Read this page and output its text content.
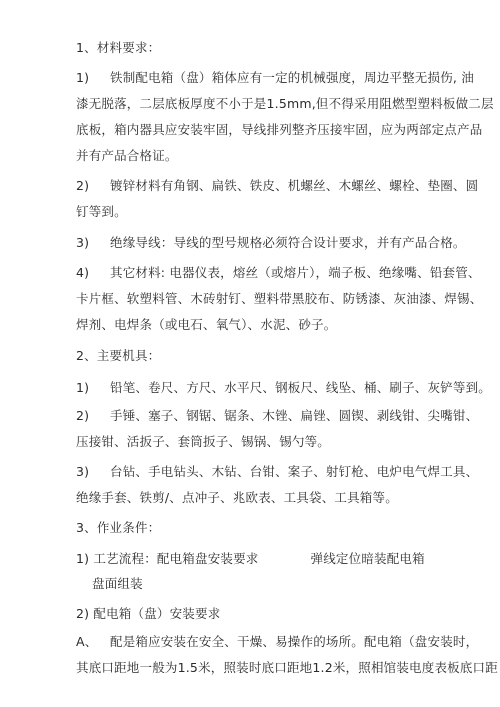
1、材料要求：
1) 铁制配电箱（盘）箱体应有一定的机械强度，周边平整无损伤, 油
漆无脱落，二层底板厚度不小于是1.5mm,但不得采用阻燃型塑料板做二层
底板，箱内器具应安装牢固，导线排列整齐压接牢固，应为两部定点产品
并有产品合格证。
2) 镀锌材料有角钢、扁铁、铁皮、机螺丝、木螺丝、螺栓、垫圈、圆
钉等到。
3) 绝缘导线：导线的型号规格必须符合设计要求，并有产品合格。
4) 其它材料: 电器仪表，熔丝（或熔片），端子板、绝缘嘴、铅套管、
卡片框、软塑料管、木砖射钉、塑料带黑胶布、防锈漆、灰油漆、焊锡、
焊剂、电焊条（或电石、氧气）、水泥、砂子。
2、主要机具：
1) 铅笔、卷尺、方尺、水平尺、钢板尺、线坠、桶、刷子、灰铲等到。
2) 手锤、塞子、钢锯、锯条、木锉、扁锉、圆锲、剥线钳、尖嘴钳、
压接钳、活扳子、套筒扳子、锡锅、锡勺等。
3) 台钻、手电钻头、木钻、台钳、案子、射钉枪、电炉电气焊工具、
绝缘手套、铁剪/、点冲子、兆欧表、工具袋、工具箱等。
3、作业条件：
1) 工艺流程：配电箱盘安装要求	弹线定位暗装配电箱
盘面组装
2) 配电箱（盘）安装要求
A、 配是箱应安装在安全、干燥、易操作的场所。配电箱（盘安装时，
其底口距地一般为1.5米，照装时底口距地1.2米，照相馆装电度表板底口距
